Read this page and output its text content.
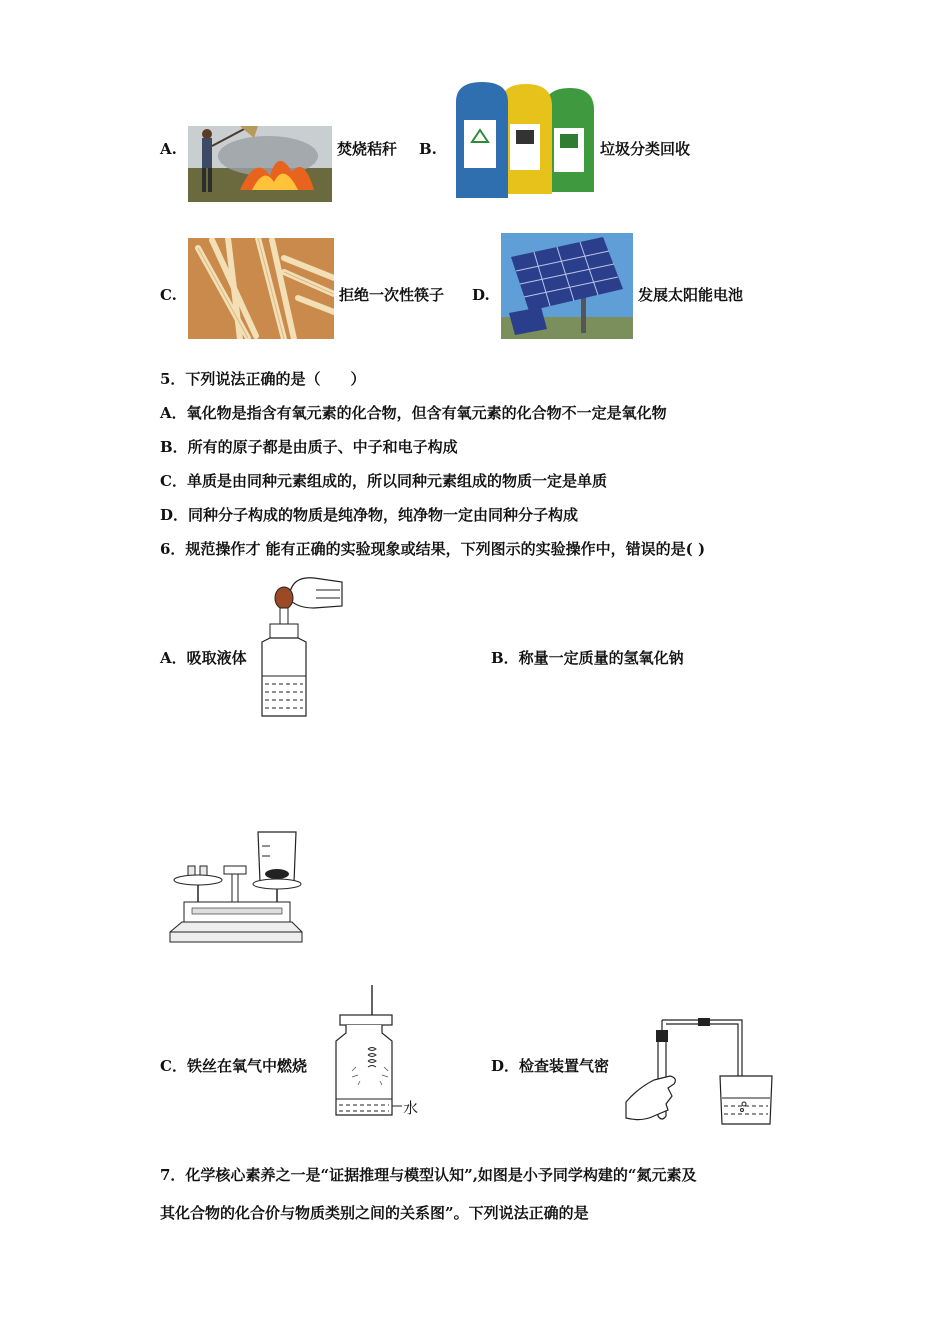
A.	焚烧秸秆 B.	垃圾分类回收
C.	拒绝一次性筷子 D.	发展太阳能电池
5．下列说法正确的是（　　）
A．氧化物是指含有氧元素的化合物，但含有氧元素的化合物不一定是氧化物
B．所有的原子都是由质子、中子和电子构成
C．单质是由同种元素组成的，所以同种元素组成的物质一定是单质
D．同种分子构成的物质是纯净物，纯净物一定由同种分子构成
6．规范操作才 能有正确的实验现象或结果，下列图示的实验操作中，错误的是( )
A．吸取液体	B．称量一定质量的氢氧化钠
C．铁丝在氧气中燃烧
水
D．检查装置气密
7．化学核心素养之一是“证据推理与模型认知”,如图是小予同学构建的“氮元素及
其化合物的化合价与物质类别之间的关系图”。下列说法正确的是
